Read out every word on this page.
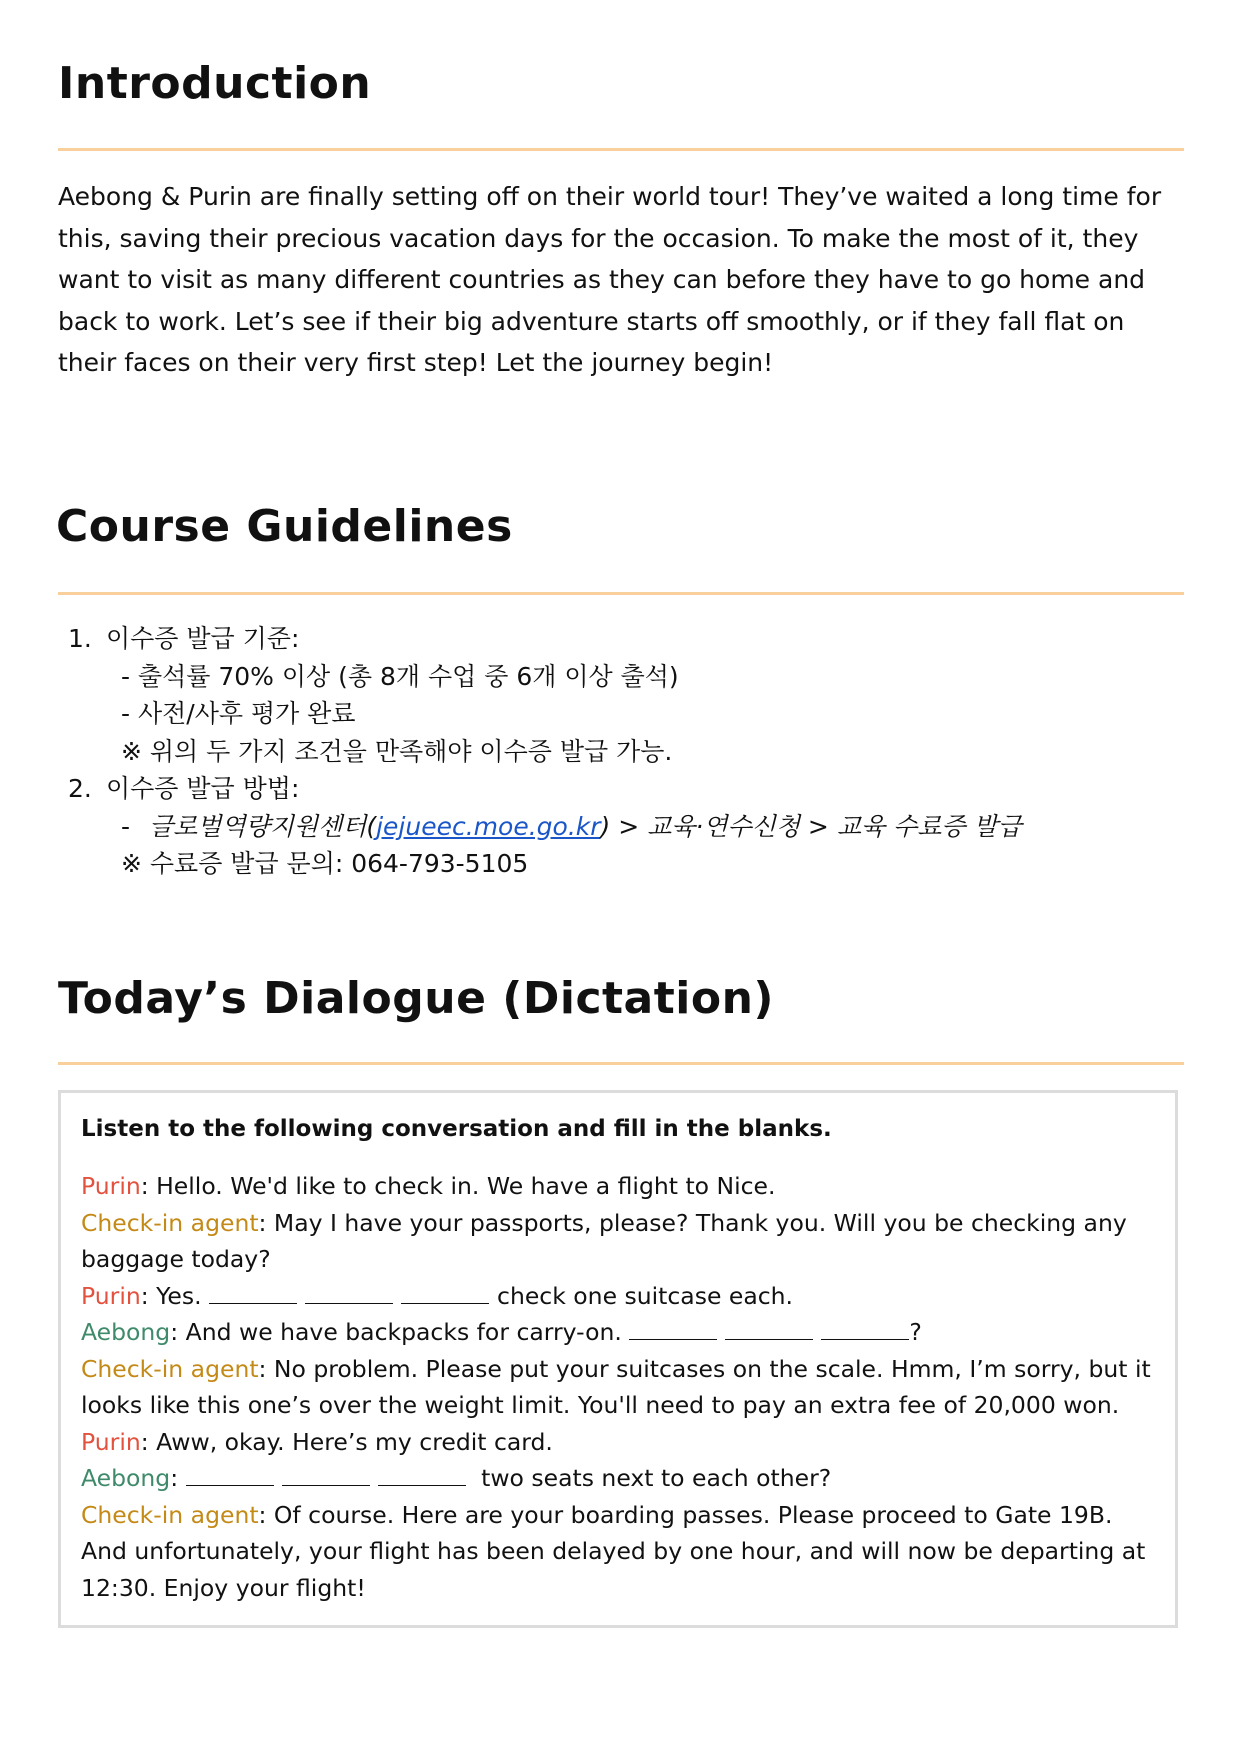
Introduction

Aebong & Purin are finally setting off on their world tour! They’ve waited a long time for this, saving their precious vacation days for the occasion. To make the most of it, they want to visit as many different countries as they can before they have to go home and back to work. Let’s see if their big adventure starts off smoothly, or if they fall flat on their faces on their very first step! Let the journey begin!

Course Guidelines
1. 이수증 발급 기준:
- 출석률 70% 이상 (총 8개 수업 중 6개 이상 출석)
- 사전/사후 평가 완료
※ 위의 두 가지 조건을 만족해야 이수증 발급 가능.
2. 이수증 발급 방법:
- 글로벌역량지원센터(jejueec.moe.go.kr) > 교육·연수신청 > 교육 수료증 발급
※ 수료증 발급 문의: 064-793-5105
Today’s Dialogue (Dictation)

Listen to the following conversation and fill in the blanks.

Purin: Hello. We'd like to check in. We have a flight to Nice.

Check-in agent: May I have your passports, please? Thank you. Will you be checking any baggage today?

Purin: Yes.	check one suitcase each.

Aebong: And we have backpacks for carry-on.	?

Check-in agent: No problem. Please put your suitcases on the scale. Hmm, I’m sorry, but it looks like this one’s over the weight limit. You'll need to pay an extra fee of 20,000 won.

Purin: Aww, okay. Here’s my credit card.

Aebong:	two seats next to each other?

Check-in agent: Of course. Here are your boarding passes. Please proceed to Gate 19B. And unfortunately, your flight has been delayed by one hour, and will now be departing at 12:30. Enjoy your flight!
